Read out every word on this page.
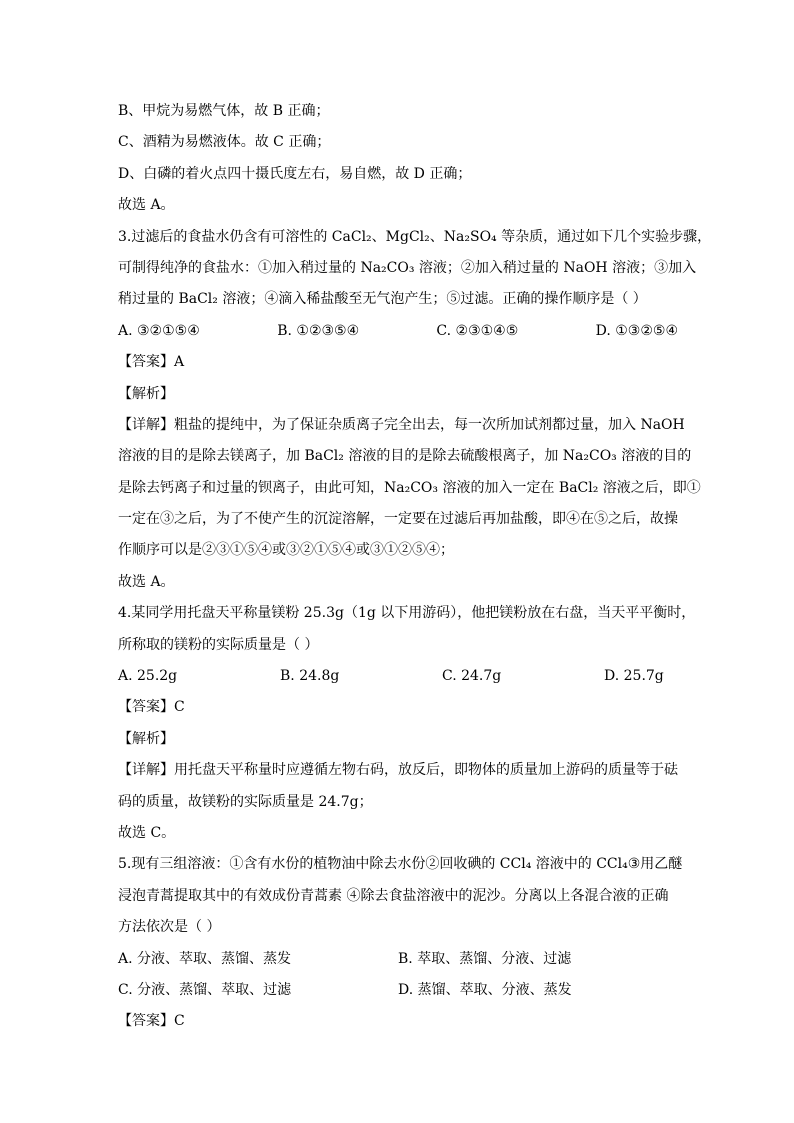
B、甲烷为易燃气体，故 B 正确；
C、酒精为易燃液体。故 C 正确；
D、白磷的着火点四十摄氏度左右，易自燃，故 D 正确；
故选 A。
3.过滤后的食盐水仍含有可溶性的 CaCl₂、MgCl₂、Na₂SO₄ 等杂质，通过如下几个实验步骤，
可制得纯净的食盐水：①加入稍过量的 Na₂CO₃ 溶液；②加入稍过量的 NaOH 溶液；③加入
稍过量的 BaCl₂ 溶液；④滴入稀盐酸至无气泡产生；⑤过滤。正确的操作顺序是（ ）
A. ③②①⑤④	B. ①②③⑤④	C. ②③①④⑤	D. ①③②⑤④
【答案】A
【解析】
【详解】粗盐的提纯中，为了保证杂质离子完全出去，每一次所加试剂都过量，加入 NaOH
溶液的目的是除去镁离子，加 BaCl₂ 溶液的目的是除去硫酸根离子，加 Na₂CO₃ 溶液的目的
是除去钙离子和过量的钡离子，由此可知，Na₂CO₃ 溶液的加入一定在 BaCl₂ 溶液之后，即①
一定在③之后，为了不使产生的沉淀溶解，一定要在过滤后再加盐酸，即④在⑤之后，故操
作顺序可以是②③①⑤④或③②①⑤④或③①②⑤④；
故选 A。
4.某同学用托盘天平称量镁粉 25.3g（1g 以下用游码），他把镁粉放在右盘，当天平平衡时，
所称取的镁粉的实际质量是（ ）
A. 25.2g	B. 24.8g	C. 24.7g	D. 25.7g
【答案】C
【解析】
【详解】用托盘天平称量时应遵循左物右码，放反后，即物体的质量加上游码的质量等于砝
码的质量，故镁粉的实际质量是 24.7g；
故选 C。
5.现有三组溶液：①含有水份的植物油中除去水份②回收碘的 CCl₄ 溶液中的 CCl₄③用乙醚
浸泡青蒿提取其中的有效成份青蒿素 ④除去食盐溶液中的泥沙。分离以上各混合液的正确
方法依次是（ ）
A. 分液、萃取、蒸馏、蒸发	B. 萃取、蒸馏、分液、过滤
C. 分液、蒸馏、萃取、过滤	D. 蒸馏、萃取、分液、蒸发
【答案】C
